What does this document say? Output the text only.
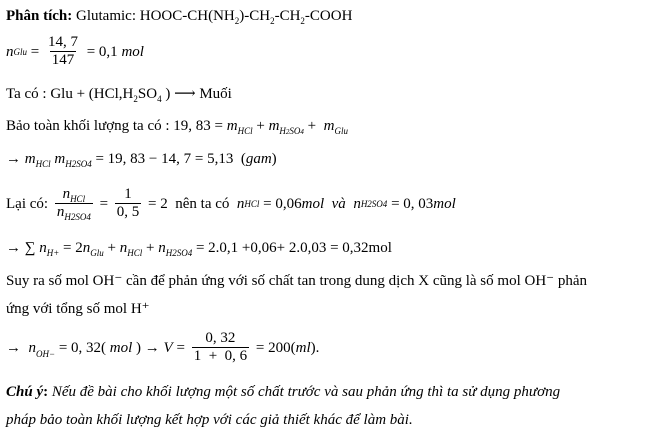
Phân tích: Glutamic: HOOC-$CH(NH_2)-CH_2-CH_2$-COOH
n Glu = $\frac{14, 7}{147} = 0,1$ mol
Ta có : Glu + ($HCl,H_2SO_4$ ) ⟶ Muối
Bảo toàn khối lượng ta có : 19, $83 = m_{HCl} + m_{H2SO4} + m_{Glu}$
→ $m_{HCl}$ $m_{H2SO4} = 19$, 83 − 14, 7 = 5,13  (gam)
Lại có: $\frac{n_{HCl}}{n_{H2SO4}} = \frac{1}{0, 5} = 2$  nên ta có n HCl = 0,06 mol và n H2SO4 = 0, 03 mol
→ ∑ $n_{H+} = 2n_{Glu} + n_{HCl} + n_{H2SO4} = 2.0,1 +0,06+ 2.0,03 = 0,32mol$
Suy ra số mol OH⁻ cần để phản ứng với số chất tan trong dung dịch X cũng là số mol OH⁻ phản
ứng với tổng số mol H⁺
→ $n_{OH-} = 0$, 32( mol ) → $V = \frac{0, 32}{1 + 0, 6} = 200$( ml ).
Chú ý: Nếu đề bài cho khối lượng một số chất trước và sau phản ứng thì ta sử dụng phương
pháp bảo toàn khối lượng kết hợp với các giả thiết khác để làm bài.
